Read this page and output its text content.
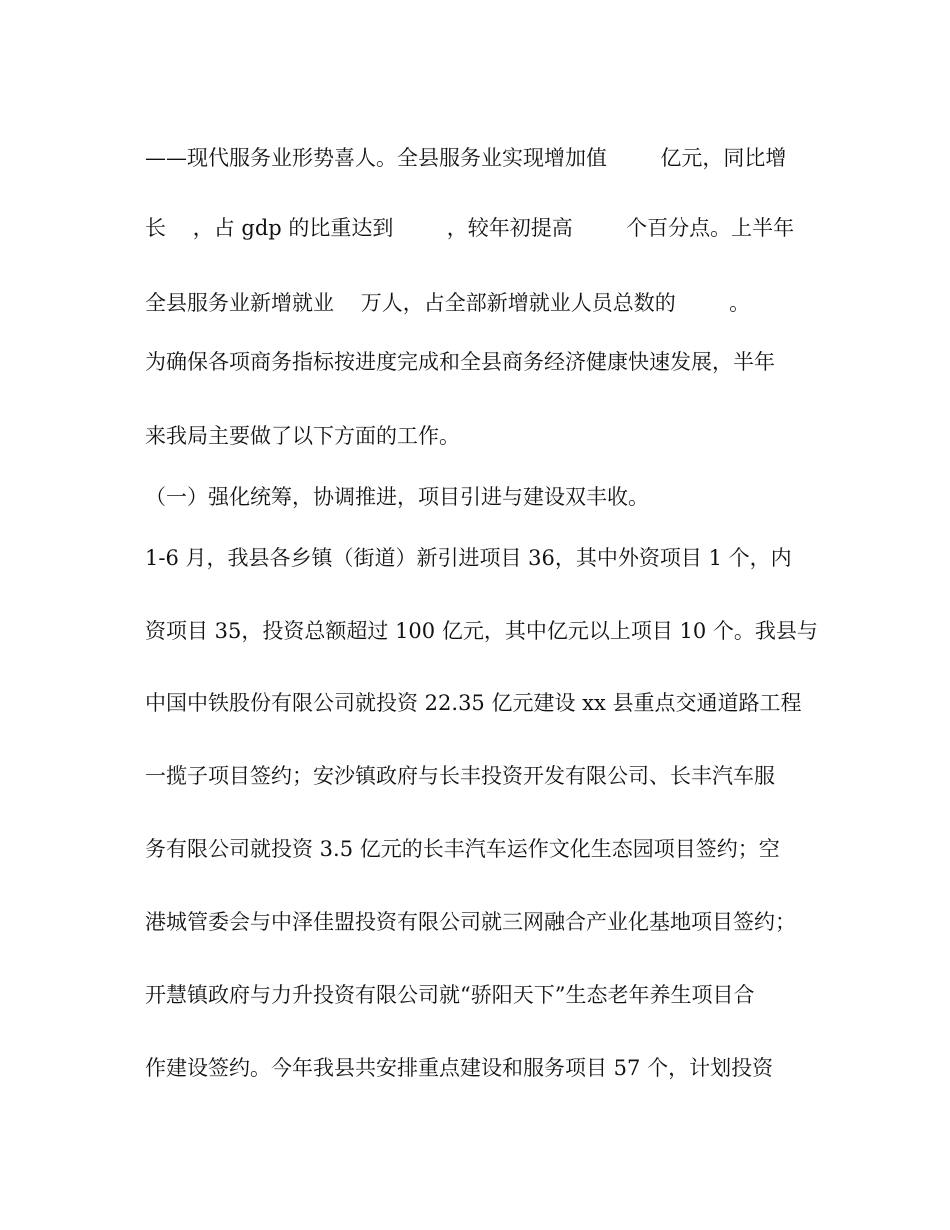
——现代服务业形势喜人。全县服务业实现增加值        亿元，同比增
长    ，占 gdp 的比重达到        ，较年初提高        个百分点。上半年
全县服务业新增就业    万人，占全部新增就业人员总数的        。
为确保各项商务指标按进度完成和全县商务经济健康快速发展，半年
来我局主要做了以下方面的工作。
（一）强化统筹，协调推进，项目引进与建设双丰收。
1-6 月，我县各乡镇（街道）新引进项目 36，其中外资项目 1 个，内
资项目 35，投资总额超过 100 亿元，其中亿元以上项目 10 个。我县与
中国中铁股份有限公司就投资 22.35 亿元建设 xx 县重点交通道路工程
一揽子项目签约；安沙镇政府与长丰投资开发有限公司、长丰汽车服
务有限公司就投资 3.5 亿元的长丰汽车运作文化生态园项目签约；空
港城管委会与中泽佳盟投资有限公司就三网融合产业化基地项目签约；
开慧镇政府与力升投资有限公司就“骄阳天下”生态老年养生项目合
作建设签约。今年我县共安排重点建设和服务项目 57 个，计划投资
